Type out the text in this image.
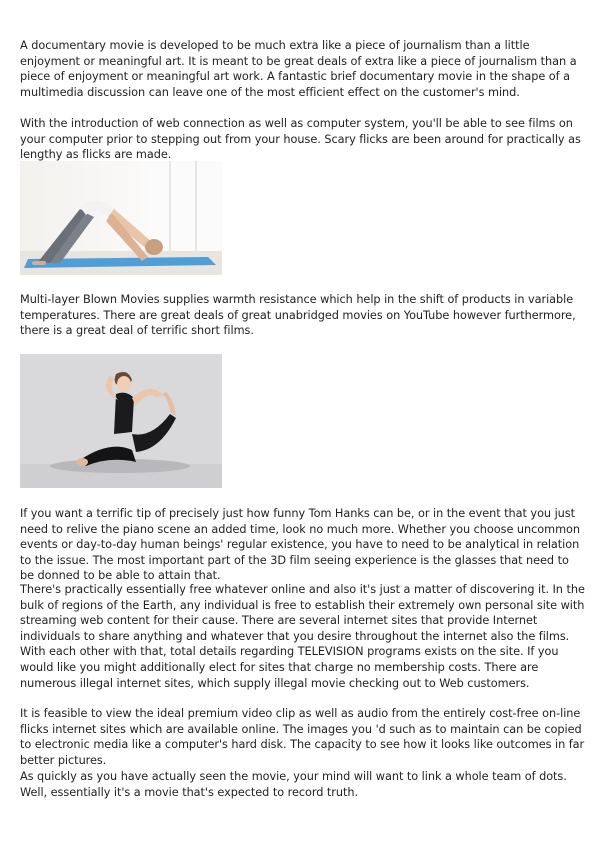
A documentary movie is developed to be much extra like a piece of journalism than a little enjoyment or meaningful art. It is meant to be great deals of extra like a piece of journalism than a piece of enjoyment or meaningful art work. A fantastic brief documentary movie in the shape of a multimedia discussion can leave one of the most efficient effect on the customer's mind.

With the introduction of web connection as well as computer system, you'll be able to see films on your computer prior to stepping out from your house. Scary flicks are been around for practically as lengthy as flicks are made.

Multi-layer Blown Movies supplies warmth resistance which help in the shift of products in variable temperatures. There are great deals of great unabridged movies on YouTube however furthermore, there is a great deal of terrific short films.

If you want a terrific tip of precisely just how funny Tom Hanks can be, or in the event that you just need to relive the piano scene an added time, look no much more. Whether you choose uncommon events or day-to-day human beings' regular existence, you have to need to be analytical in relation to the issue. The most important part of the 3D film seeing experience is the glasses that need to be donned to be able to attain that.

There's practically essentially free whatever online and also it's just a matter of discovering it. In the bulk of regions of the Earth, any individual is free to establish their extremely own personal site with streaming web content for their cause. There are several internet sites that provide Internet individuals to share anything and whatever that you desire throughout the internet also the films. With each other with that, total details regarding TELEVISION programs exists on the site. If you would like you might additionally elect for sites that charge no membership costs. There are numerous illegal internet sites, which supply illegal movie checking out to Web customers.

It is feasible to view the ideal premium video clip as well as audio from the entirely cost-free on-line flicks internet sites which are available online. The images you 'd such as to maintain can be copied to electronic media like a computer's hard disk. The capacity to see how it looks like outcomes in far better pictures.

As quickly as you have actually seen the movie, your mind will want to link a whole team of dots. Well, essentially it's a movie that's expected to record truth.
